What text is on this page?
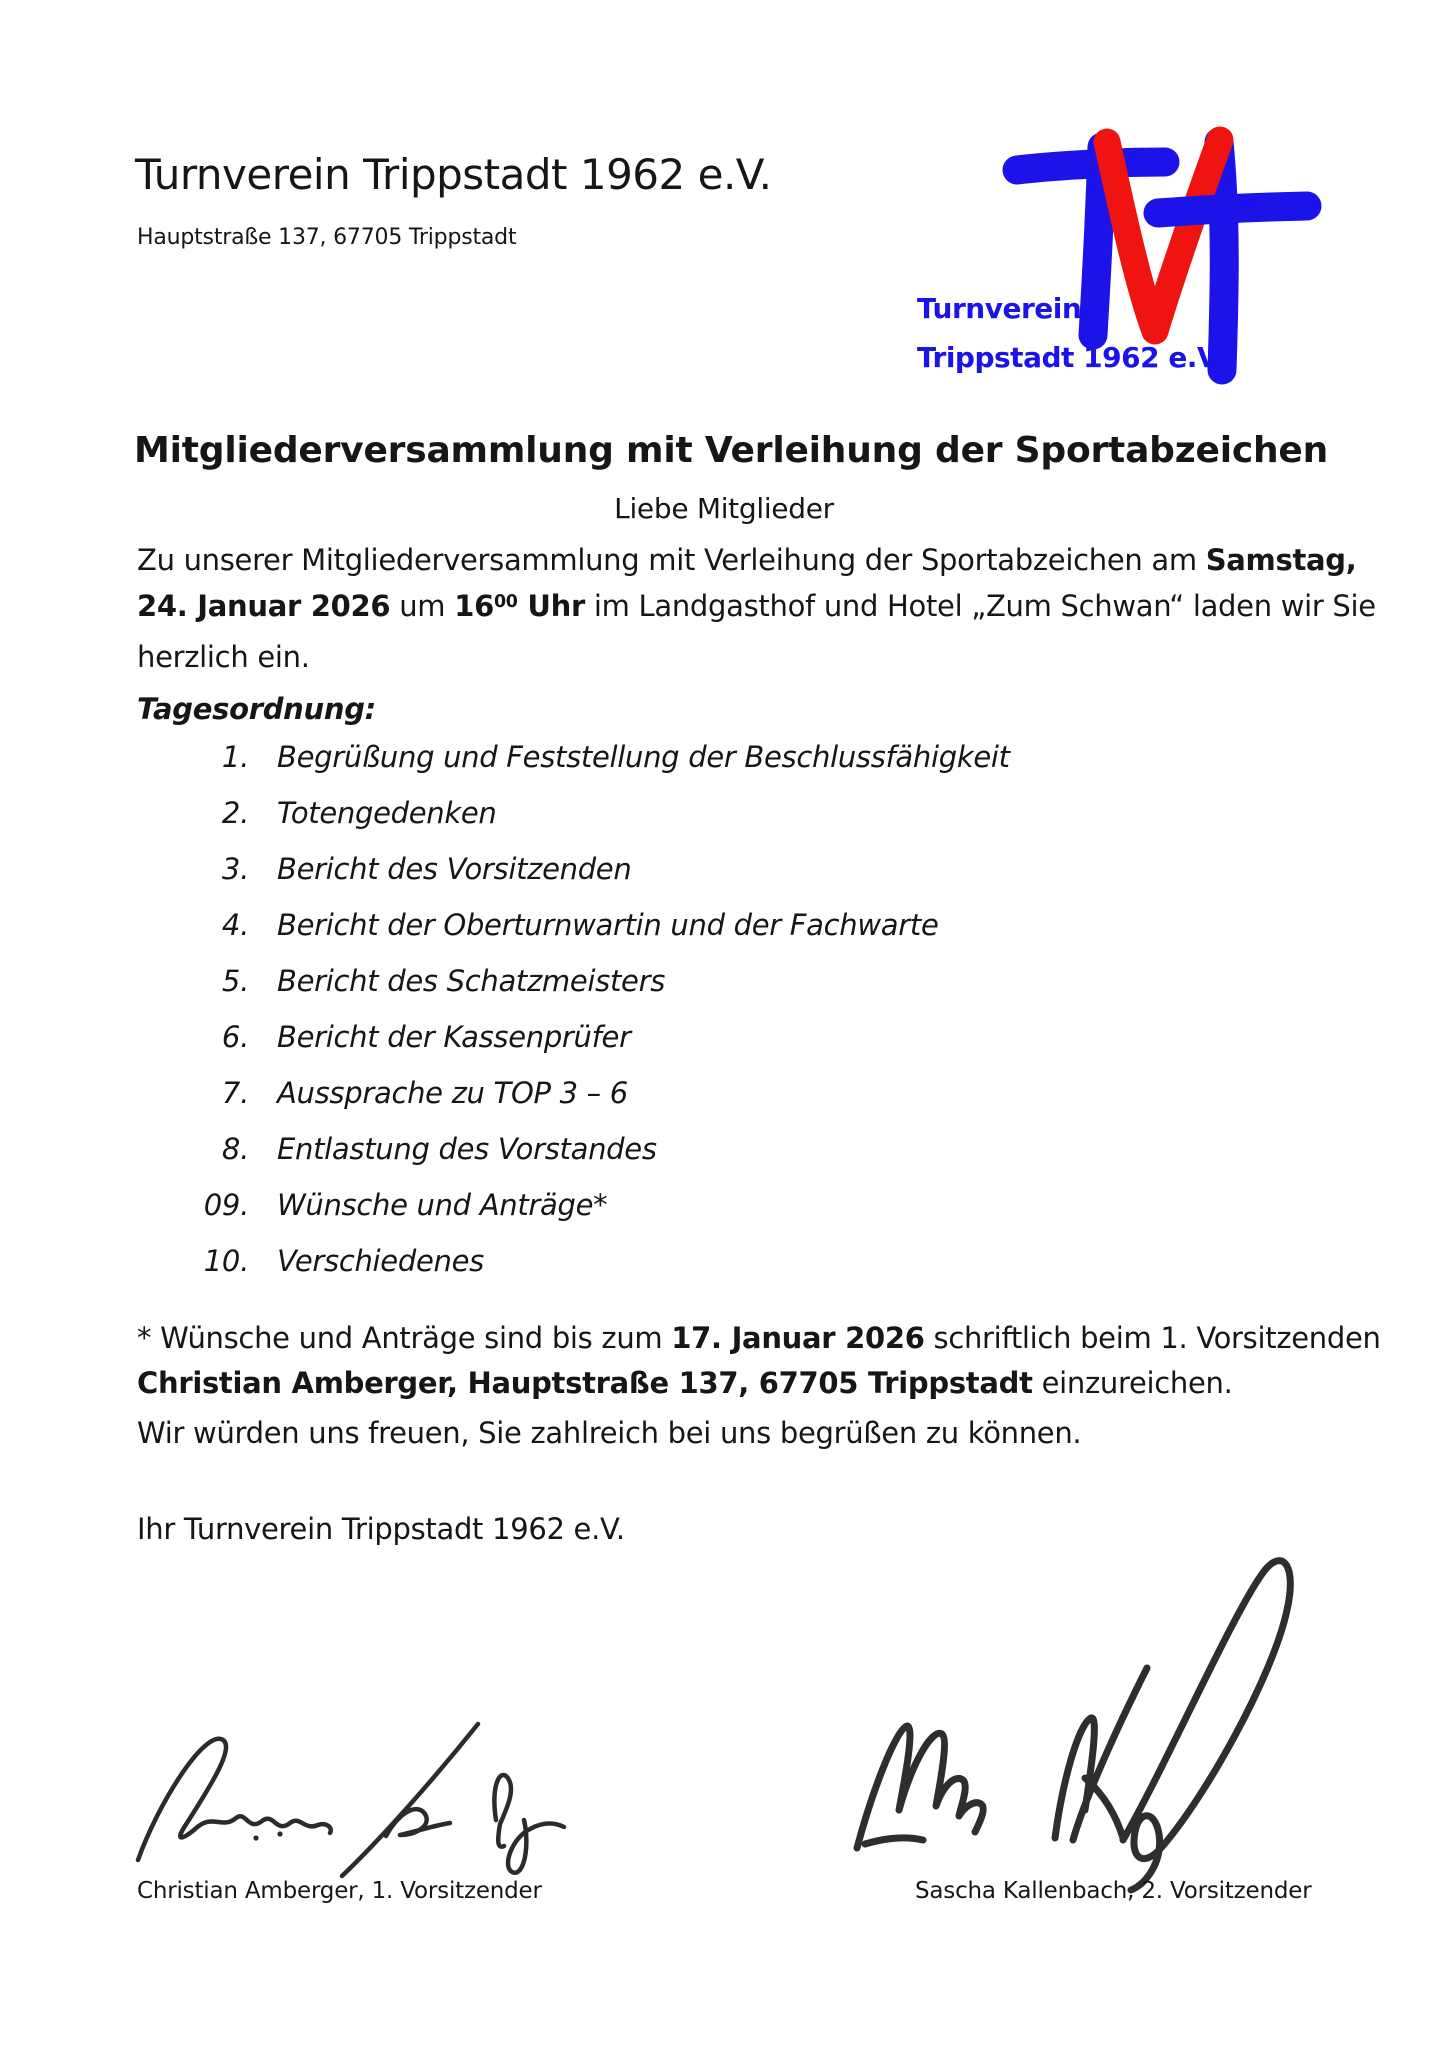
Turnverein Trippstadt 1962 e.V.
Hauptstraße 137, 67705 Trippstadt
Turnverein
Trippstadt 1962 e.V.
Mitgliederversammlung mit Verleihung der Sportabzeichen
Liebe Mitglieder
Zu unserer Mitgliederversammlung mit Verleihung der Sportabzeichen am Samstag,
24. Januar 2026 um $16^{00}$ Uhr im Landgasthof und Hotel „Zum Schwan“ laden wir Sie
herzlich ein.
Tagesordnung:
1. Begrüßung und Feststellung der Beschlussfähigkeit
2. Totengedenken
3. Bericht des Vorsitzenden
4. Bericht der Oberturnwartin und der Fachwarte
5. Bericht des Schatzmeisters
6. Bericht der Kassenprüfer
7. Aussprache zu TOP 3 – 6
8. Entlastung des Vorstandes
09. Wünsche und Anträge*
10. Verschiedenes
* Wünsche und Anträge sind bis zum 17. Januar 2026 schriftlich beim 1. Vorsitzenden
Christian Amberger, Hauptstraße 137, 67705 Trippstadt einzureichen.
Wir würden uns freuen, Sie zahlreich bei uns begrüßen zu können.
Ihr Turnverein Trippstadt 1962 e.V.
Christian Amberger, 1. Vorsitzender	Sascha Kallenbach, 2. Vorsitzender
